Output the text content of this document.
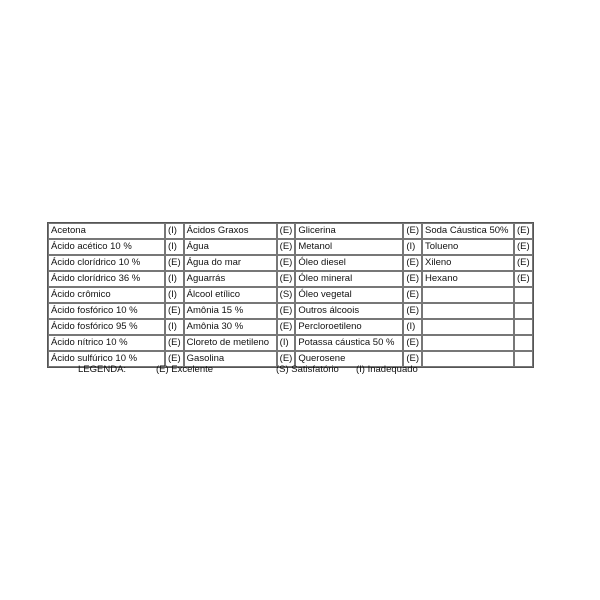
Acetona	(I)	Ácidos Graxos	(E)	Glicerina	(E)	Soda Cáustica 50%	(E)
Ácido acético 10 %	(I)	Água	(E)	Metanol	(I)	Tolueno	(E)
Ácido clorídrico 10 %	(E)	Água do mar	(E)	Óleo diesel	(E)	Xileno	(E)
Ácido clorídrico 36 %	(I)	Aguarrás	(E)	Óleo mineral	(E)	Hexano	(E)
Ácido crômico	(I)	Álcool etílico	(S)	Óleo vegetal	(E)		
Ácido fosfórico 10 %	(E)	Amônia 15 %	(E)	Outros álcoois	(E)		
Ácido fosfórico 95 %	(I)	Amônia 30 %	(E)	Percloroetileno	(I)		
Ácido nítrico 10 %	(E)	Cloreto de metileno	(I)	Potassa cáustica 50 %	(E)		
Ácido sulfúrico 10 %	(E)	Gasolina	(E)	Querosene	(E)		
LEGENDA:	(E) Excelente	(S) Satisfatório (I) Inadequado
